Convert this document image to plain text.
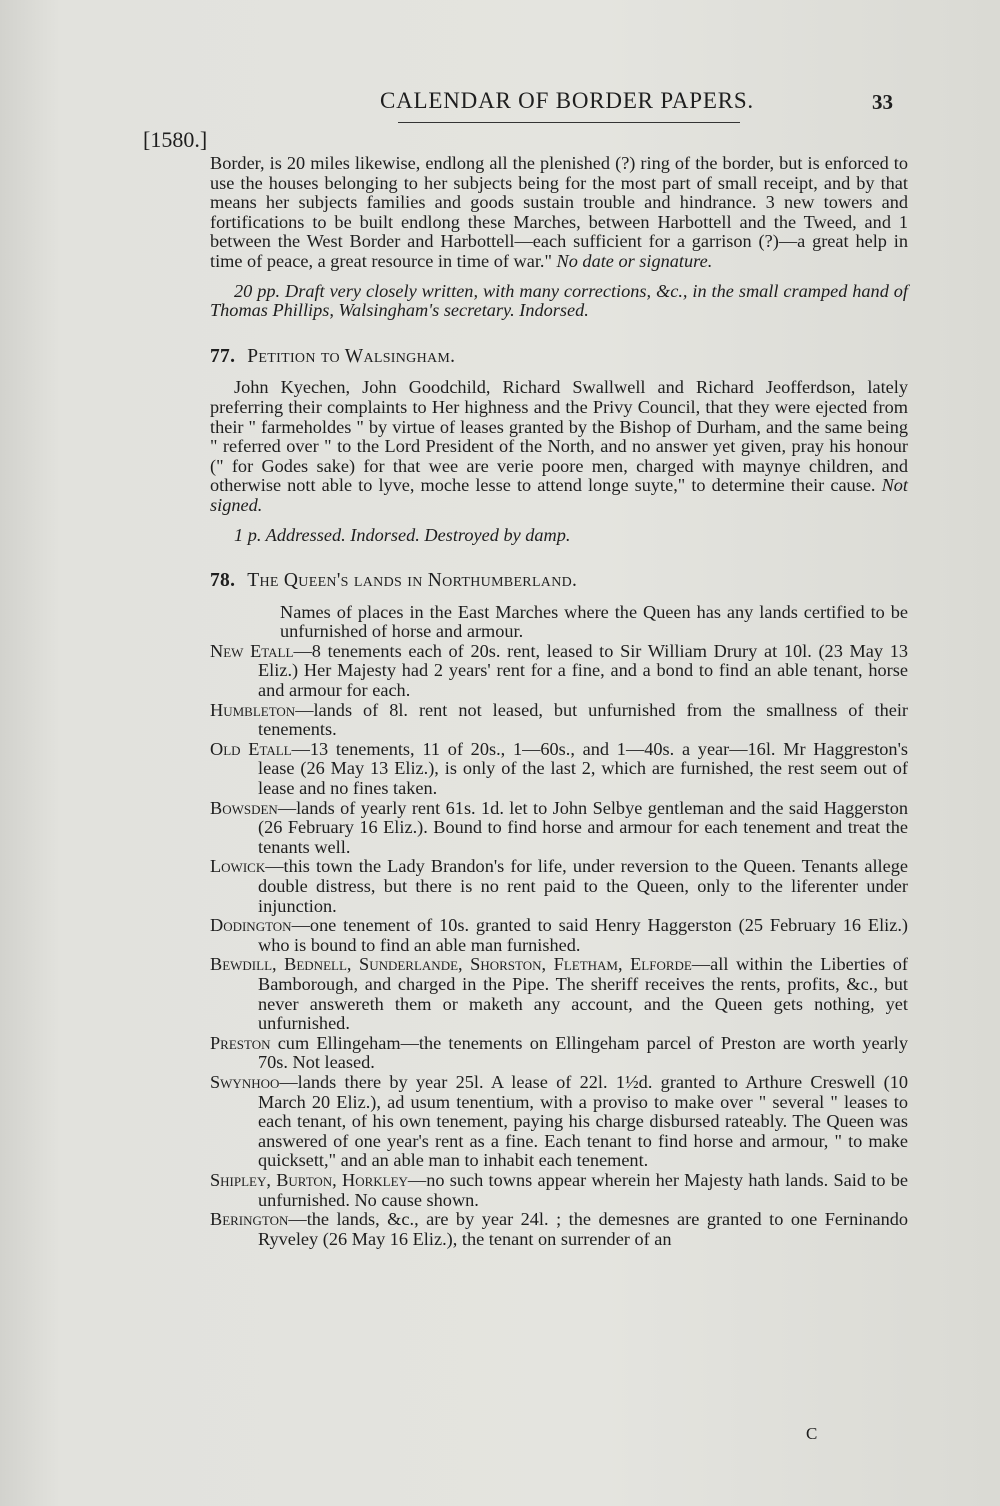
CALENDAR OF BORDER PAPERS.	33
[1580.]

Border, is 20 miles likewise, endlong all the plenished (?) ring of the border, but is enforced to use the houses belonging to her subjects being for the most part of small receipt, and by that means her subjects families and goods sustain trouble and hindrance. 3 new towers and fortifications to be built endlong these Marches, between Harbottell and the Tweed, and 1 between the West Border and Harbottell—each sufficient for a garrison (?)—a great help in time of peace, a great resource in time of war." No date or signature.

20 pp. Draft very closely written, with many corrections, &c., in the small cramped hand of Thomas Phillips, Walsingham's secretary. Indorsed.

77. Petition to Walsingham.

John Kyechen, John Goodchild, Richard Swallwell and Richard Jeofferdson, lately preferring their complaints to Her highness and the Privy Council, that they were ejected from their " farmeholdes " by virtue of leases granted by the Bishop of Durham, and the same being " referred over " to the Lord President of the North, and no answer yet given, pray his honour (" for Godes sake) for that wee are verie poore men, charged with maynye children, and otherwise nott able to lyve, moche lesse to attend longe suyte," to determine their cause. Not signed.

1 p. Addressed. Indorsed. Destroyed by damp.

78. The Queen's lands in Northumberland.

Names of places in the East Marches where the Queen has any lands certified to be unfurnished of horse and armour.

New Etall—8 tenements each of 20s. rent, leased to Sir William Drury at 10l. (23 May 13 Eliz.) Her Majesty had 2 years' rent for a fine, and a bond to find an able tenant, horse and armour for each.

Humbleton—lands of 8l. rent not leased, but unfurnished from the smallness of their tenements.

Old Etall—13 tenements, 11 of 20s., 1—60s., and 1—40s. a year—16l. Mr Haggreston's lease (26 May 13 Eliz.), is only of the last 2, which are furnished, the rest seem out of lease and no fines taken.

Bowsden—lands of yearly rent 61s. 1d. let to John Selbye gentleman and the said Haggerston (26 February 16 Eliz.). Bound to find horse and armour for each tenement and treat the tenants well.

Lowick—this town the Lady Brandon's for life, under reversion to the Queen. Tenants allege double distress, but there is no rent paid to the Queen, only to the liferenter under injunction.

Dodington—one tenement of 10s. granted to said Henry Haggerston (25 February 16 Eliz.) who is bound to find an able man furnished.

Bewdill, Bednell, Sunderlande, Shorston, Fletham, Elforde—all within the Liberties of Bamborough, and charged in the Pipe. The sheriff receives the rents, profits, &c., but never answereth them or maketh any account, and the Queen gets nothing, yet unfurnished.

Preston cum Ellingeham—the tenements on Ellingeham parcel of Preston are worth yearly 70s. Not leased.

Swynhoo—lands there by year 25l. A lease of 22l. 1½d. granted to Arthure Creswell (10 March 20 Eliz.), ad usum tenentium, with a proviso to make over " several " leases to each tenant, of his own tenement, paying his charge disbursed rateably. The Queen was answered of one year's rent as a fine. Each tenant to find horse and armour, " to make quicksett," and an able man to inhabit each tenement.

Shipley, Burton, Horkley—no such towns appear wherein her Majesty hath lands. Said to be unfurnished. No cause shown.

Berington—the lands, &c., are by year 24l. ; the demesnes are granted to one Ferninando Ryveley (26 May 16 Eliz.), the tenant on surrender of an

C
